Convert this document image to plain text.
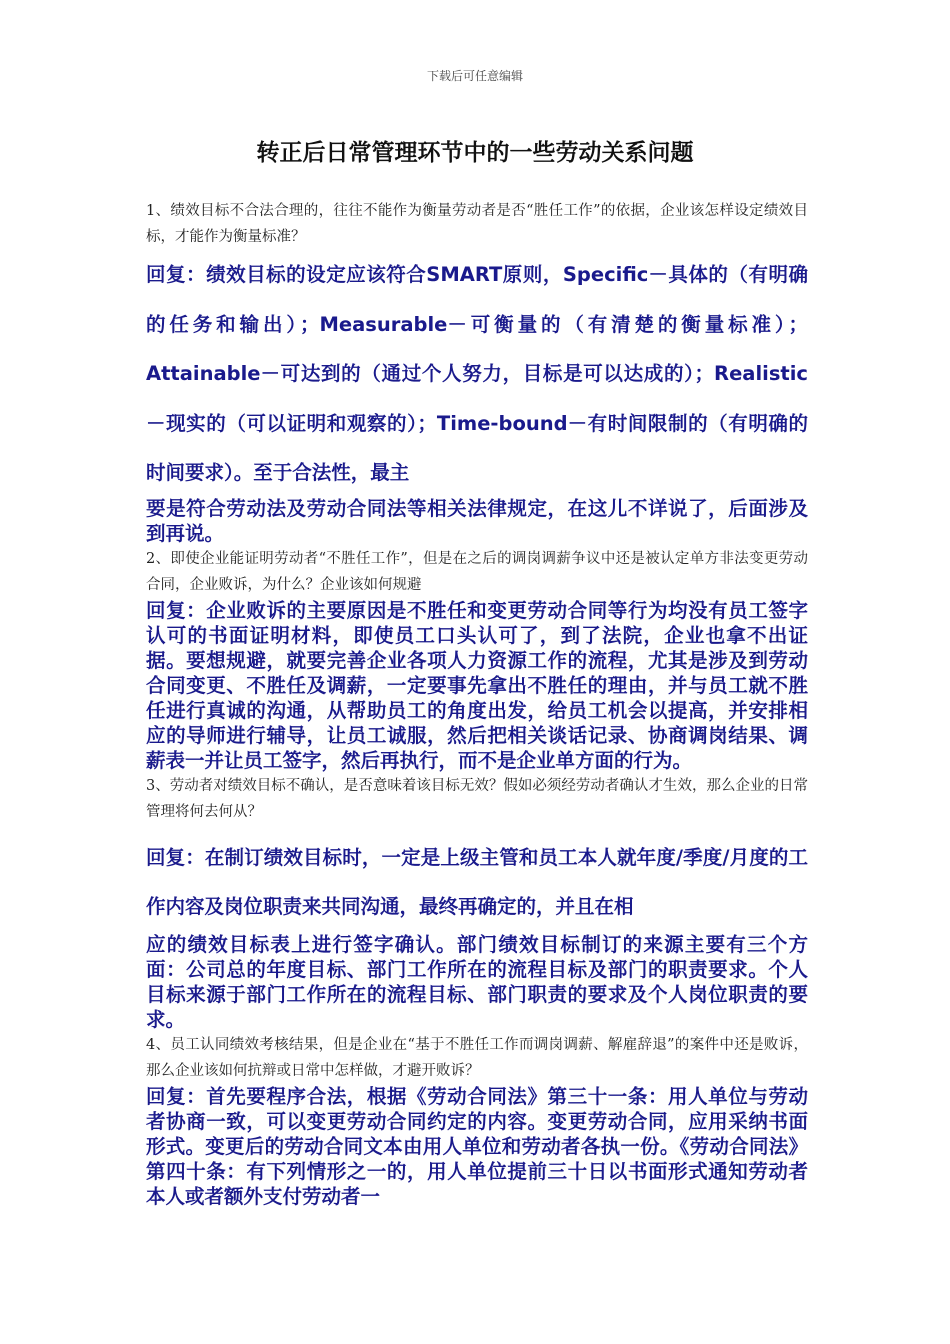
下载后可任意编辑
转正后日常管理环节中的一些劳动关系问题

1、绩效目标不合法合理的，往往不能作为衡量劳动者是否“胜任工作”的依据，企业该怎样设定绩效目标，才能作为衡量标准？

回复：绩效目标的设定应该符合SMART原则，Specific－具体的（有明确的任务和输出）；Measurable－可衡量的（有清楚的衡量标准）；Attainable－可达到的（通过个人努力，目标是可以达成的）；Realistic－现实的（可以证明和观察的）；Time-bound－有时间限制的（有明确的时间要求）。至于合法性，最主

要是符合劳动法及劳动合同法等相关法律规定，在这儿不详说了，后面涉及到再说。

2、即使企业能证明劳动者“不胜任工作”，但是在之后的调岗调薪争议中还是被认定单方非法变更劳动合同，企业败诉，为什么？企业该如何规避

回复：企业败诉的主要原因是不胜任和变更劳动合同等行为均没有员工签字认可的书面证明材料，即使员工口头认可了，到了法院，企业也拿不出证据。要想规避，就要完善企业各项人力资源工作的流程，尤其是涉及到劳动合同变更、不胜任及调薪，一定要事先拿出不胜任的理由，并与员工就不胜任进行真诚的沟通，从帮助员工的角度出发，给员工机会以提高，并安排相应的导师进行辅导，让员工诚服，然后把相关谈话记录、协商调岗结果、调薪表一并让员工签字，然后再执行，而不是企业单方面的行为。

3、劳动者对绩效目标不确认，是否意味着该目标无效？假如必须经劳动者确认才生效，那么企业的日常管理将何去何从？

回复：在制订绩效目标时，一定是上级主管和员工本人就年度/季度/月度的工作内容及岗位职责来共同沟通，最终再确定的，并且在相

应的绩效目标表上进行签字确认。部门绩效目标制订的来源主要有三个方面：公司总的年度目标、部门工作所在的流程目标及部门的职责要求。个人目标来源于部门工作所在的流程目标、部门职责的要求及个人岗位职责的要求。

4、员工认同绩效考核结果，但是企业在“基于不胜任工作而调岗调薪、解雇辞退”的案件中还是败诉，那么企业该如何抗辩或日常中怎样做，才避开败诉？

回复：首先要程序合法，根据《劳动合同法》第三十一条：用人单位与劳动者协商一致，可以变更劳动合同约定的内容。变更劳动合同，应用采纳书面形式。变更后的劳动合同文本由用人单位和劳动者各执一份。《劳动合同法》第四十条：有下列情形之一的，用人单位提前三十日以书面形式通知劳动者本人或者额外支付劳动者一
